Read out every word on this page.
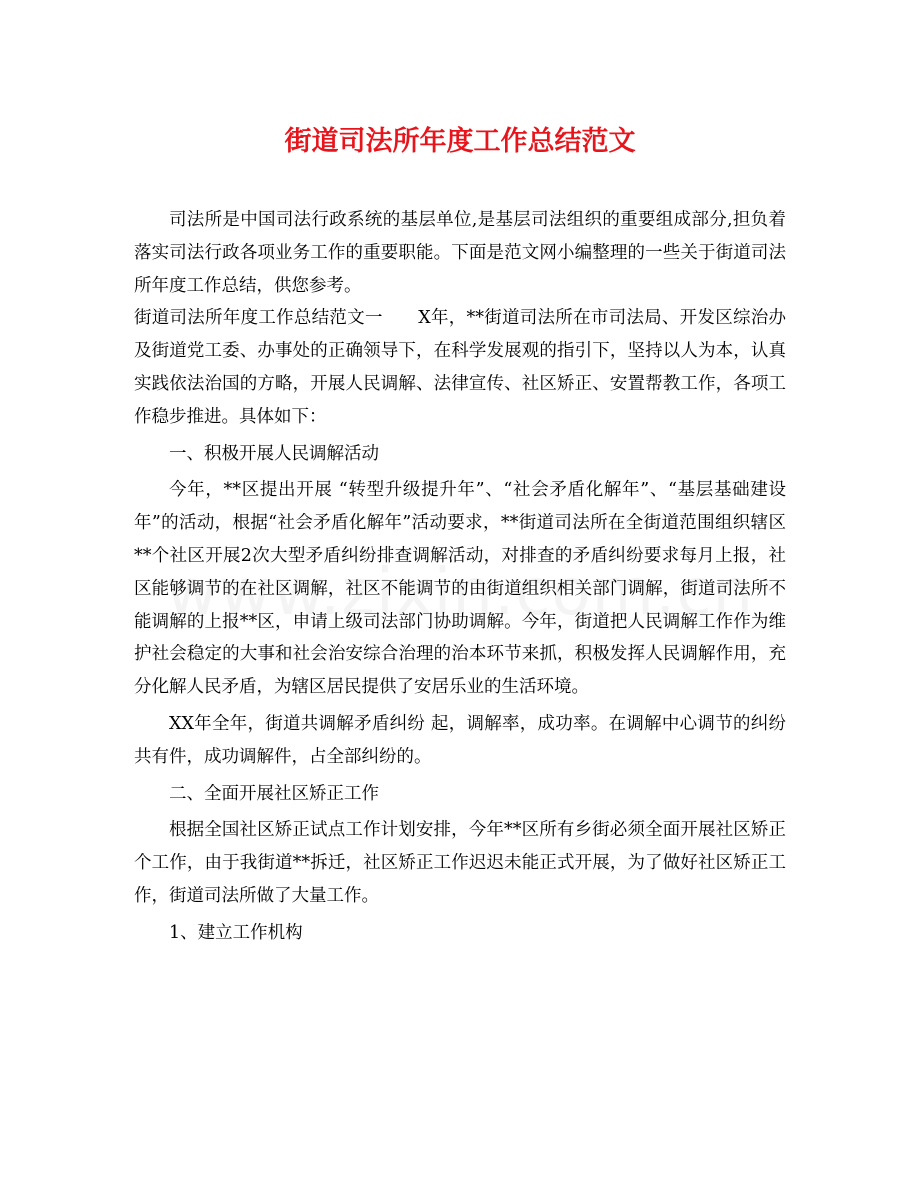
街道司法所年度工作总结范文

司法所是中国司法行政系统的基层单位,是基层司法组织的重要组成部分,担负着落实司法行政各项业务工作的重要职能。下面是范文网小编整理的一些关于街道司法所年度工作总结，供您参考。

街道司法所年度工作总结范文一　　X年，**街道司法所在市司法局、开发区综治办及街道党工委、办事处的正确领导下，在科学发展观的指引下，坚持以人为本，认真实践依法治国的方略，开展人民调解、法律宣传、社区矫正、安置帮教工作，各项工作稳步推进。具体如下：

一、积极开展人民调解活动

今年，**区提出开展 “转型升级提升年”、“社会矛盾化解年”、“基层基础建设年”的活动，根据“社会矛盾化解年”活动要求，**街道司法所在全街道范围组织辖区**个社区开展2次大型矛盾纠纷排查调解活动，对排查的矛盾纠纷要求每月上报，社区能够调节的在社区调解，社区不能调节的由街道组织相关部门调解，街道司法所不能调解的上报**区，申请上级司法部门协助调解。今年，街道把人民调解工作作为维护社会稳定的大事和社会治安综合治理的治本环节来抓，积极发挥人民调解作用，充分化解人民矛盾，为辖区居民提供了安居乐业的生活环境。

XX年全年，街道共调解矛盾纠纷 起，调解率，成功率。在调解中心调节的纠纷共有件，成功调解件，占全部纠纷的。

二、全面开展社区矫正工作

根据全国社区矫正试点工作计划安排，今年**区所有乡街必须全面开展社区矫正个工作，由于我街道**拆迁，社区矫正工作迟迟未能正式开展，为了做好社区矫正工作，街道司法所做了大量工作。

1、建立工作机构
